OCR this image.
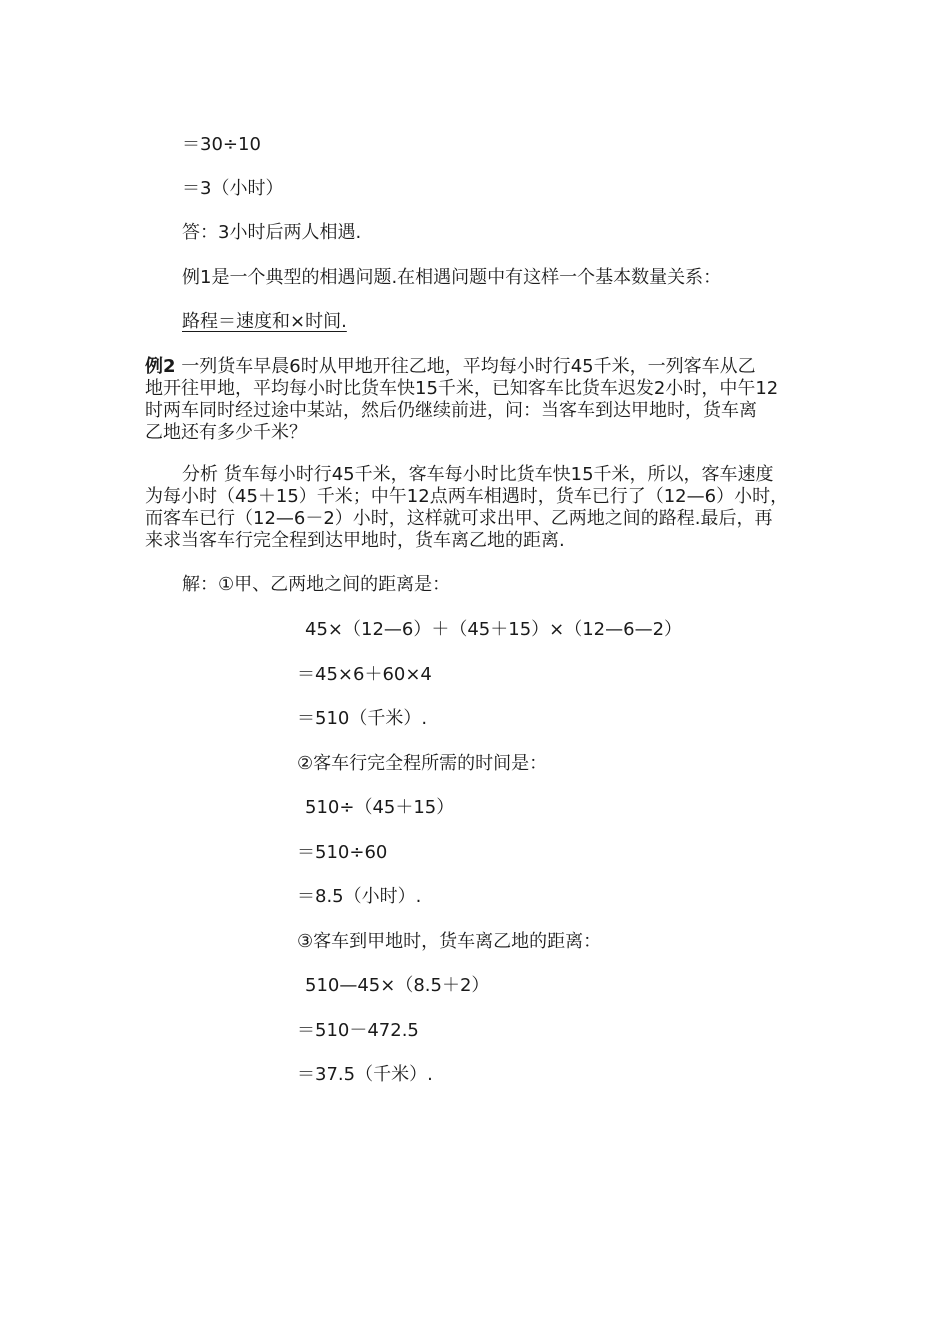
＝30÷10
＝3（小时）
答：3小时后两人相遇.
例1是一个典型的相遇问题.在相遇问题中有这样一个基本数量关系：
路程＝速度和×时间.
例2 一列货车早晨6时从甲地开往乙地，平均每小时行45千米，一列客车从乙
地开往甲地，平均每小时比货车快15千米，已知客车比货车迟发2小时，中午12
时两车同时经过途中某站，然后仍继续前进，问：当客车到达甲地时，货车离
乙地还有多少千米？
分析 货车每小时行45千米，客车每小时比货车快15千米，所以，客车速度
为每小时（45＋15）千米；中午12点两车相遇时，货车已行了（12—6）小时，
而客车已行（12—6－2）小时，这样就可求出甲、乙两地之间的路程.最后，再
来求当客车行完全程到达甲地时，货车离乙地的距离.
解：①甲、乙两地之间的距离是：
45×（12—6）＋（45＋15）×（12—6—2）
＝45×6＋60×4
＝510（千米）.
②客车行完全程所需的时间是：
510÷（45＋15）
＝510÷60
＝8.5（小时）.
③客车到甲地时，货车离乙地的距离：
510—45×（8.5＋2）
＝510－472.5
＝37.5（千米）.
